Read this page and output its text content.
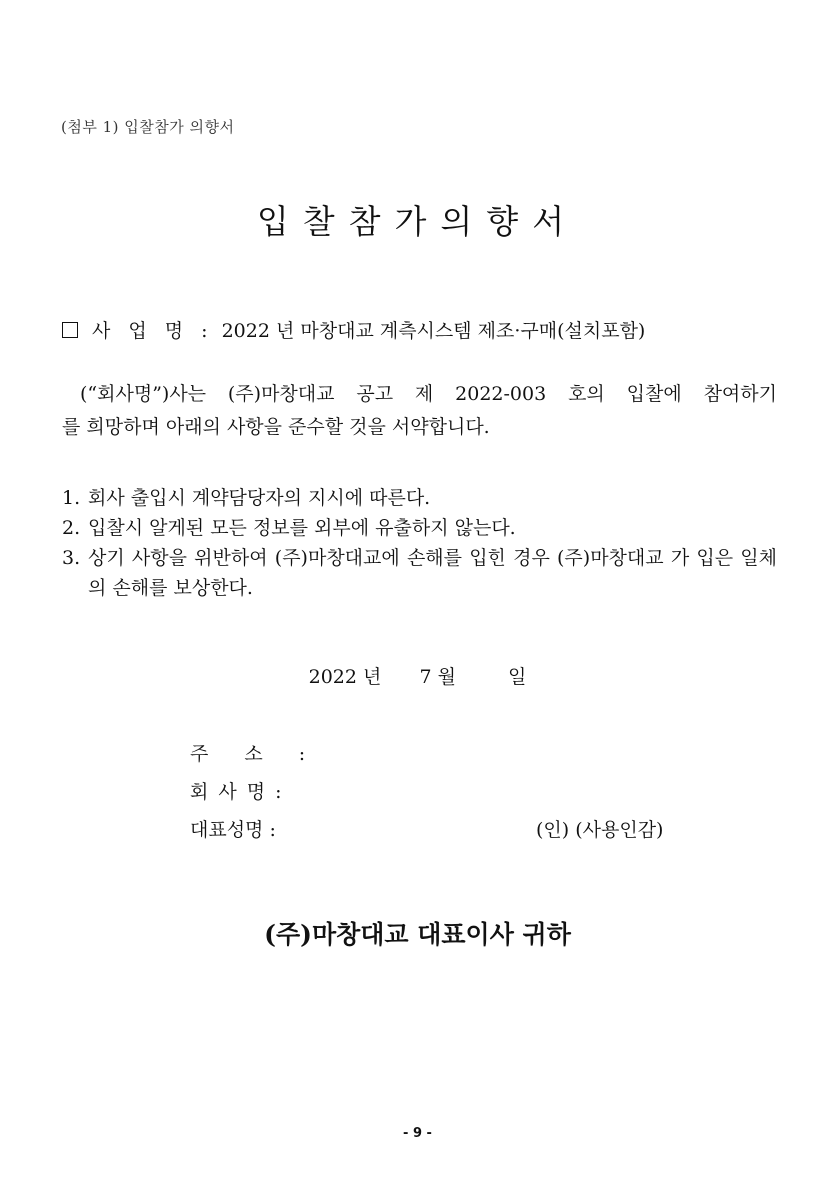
(첨부 1) 입찰참가 의향서
입찰참가의향서
사 업 명 : 2022 년 마창대교 계측시스템 제조·구매(설치포함)
(“회사명”)사는 (주)마창대교 공고 제 2022-003 호의 입찰에 참여하기
를 희망하며 아래의 사항을 준수할 것을 서약합니다.
1. 회사 출입시 계약담당자의 지시에 따른다.
2. 입찰시 알게된 모든 정보를 외부에 유출하지 않는다.
3. 상기 사항을 위반하여 (주)마창대교에 손해를 입힌 경우 (주)마창대교 가 입은 일체의 손해를 보상한다.
2022 년 7 월	일
주 소 :
회 사 명 :
대표성명 :	(인) (사용인감)
(주)마창대교 대표이사 귀하
- 9 -
